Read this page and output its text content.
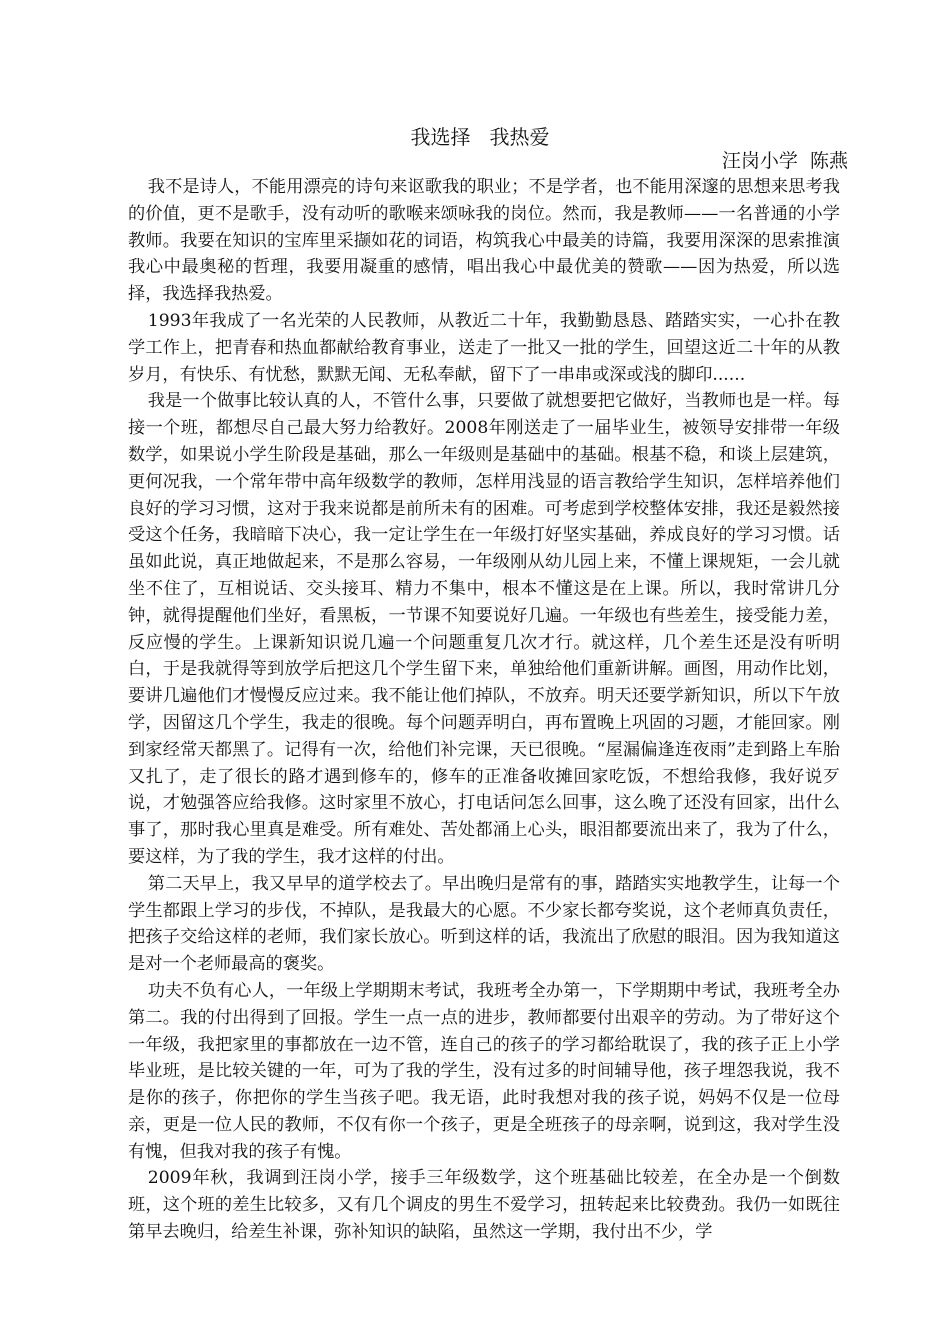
我选择   我热爱
汪岗小学  陈燕

我不是诗人，不能用漂亮的诗句来讴歌我的职业；不是学者，也不能用深邃的思想来思考我的价值，更不是歌手，没有动听的歌喉来颂咏我的岗位。然而，我是教师——一名普通的小学教师。我要在知识的宝库里采撷如花的词语，构筑我心中最美的诗篇，我要用深深的思索推演我心中最奥秘的哲理，我要用凝重的感情，唱出我心中最优美的赞歌——因为热爱，所以选择，我选择我热爱。

1993年我成了一名光荣的人民教师，从教近二十年，我勤勤恳恳、踏踏实实，一心扑在教学工作上，把青春和热血都献给教育事业，送走了一批又一批的学生，回望这近二十年的从教岁月，有快乐、有忧愁，默默无闻、无私奉献，留下了一串串或深或浅的脚印......

我是一个做事比较认真的人，不管什么事，只要做了就想要把它做好，当教师也是一样。每接一个班，都想尽自己最大努力给教好。2008年刚送走了一届毕业生，被领导安排带一年级数学，如果说小学生阶段是基础，那么一年级则是基础中的基础。根基不稳，和谈上层建筑，更何况我，一个常年带中高年级数学的教师，怎样用浅显的语言教给学生知识，怎样培养他们良好的学习习惯，这对于我来说都是前所未有的困难。可考虑到学校整体安排，我还是毅然接受这个任务，我暗暗下决心，我一定让学生在一年级打好坚实基础，养成良好的学习习惯。话虽如此说，真正地做起来，不是那么容易，一年级刚从幼儿园上来，不懂上课规矩，一会儿就坐不住了，互相说话、交头接耳、精力不集中，根本不懂这是在上课。所以，我时常讲几分钟，就得提醒他们坐好，看黑板，一节课不知要说好几遍。一年级也有些差生，接受能力差，反应慢的学生。上课新知识说几遍一个问题重复几次才行。就这样，几个差生还是没有听明白，于是我就得等到放学后把这几个学生留下来，单独给他们重新讲解。画图，用动作比划，要讲几遍他们才慢慢反应过来。我不能让他们掉队，不放弃。明天还要学新知识，所以下午放学，因留这几个学生，我走的很晚。每个问题弄明白，再布置晚上巩固的习题，才能回家。刚到家经常天都黑了。记得有一次，给他们补完课，天已很晚。“屋漏偏逢连夜雨”走到路上车胎又扎了，走了很长的路才遇到修车的，修车的正准备收摊回家吃饭，不想给我修，我好说歹说，才勉强答应给我修。这时家里不放心，打电话问怎么回事，这么晚了还没有回家，出什么事了，那时我心里真是难受。所有难处、苦处都涌上心头，眼泪都要流出来了，我为了什么，要这样，为了我的学生，我才这样的付出。

第二天早上，我又早早的道学校去了。早出晚归是常有的事，踏踏实实地教学生，让每一个学生都跟上学习的步伐，不掉队，是我最大的心愿。不少家长都夸奖说，这个老师真负责任，把孩子交给这样的老师，我们家长放心。听到这样的话，我流出了欣慰的眼泪。因为我知道这是对一个老师最高的褒奖。

功夫不负有心人，一年级上学期期末考试，我班考全办第一，下学期期中考试，我班考全办第二。我的付出得到了回报。学生一点一点的进步，教师都要付出艰辛的劳动。为了带好这个一年级，我把家里的事都放在一边不管，连自己的孩子的学习都给耽误了，我的孩子正上小学毕业班，是比较关键的一年，可为了我的学生，没有过多的时间辅导他，孩子埋怨我说，我不是你的孩子，你把你的学生当孩子吧。我无语，此时我想对我的孩子说，妈妈不仅是一位母亲，更是一位人民的教师，不仅有你一个孩子，更是全班孩子的母亲啊，说到这，我对学生没有愧，但我对我的孩子有愧。

2009年秋，我调到汪岗小学，接手三年级数学，这个班基础比较差，在全办是一个倒数班，这个班的差生比较多，又有几个调皮的男生不爱学习，扭转起来比较费劲。我仍一如既往第早去晚归，给差生补课，弥补知识的缺陷，虽然这一学期，我付出不少，学
